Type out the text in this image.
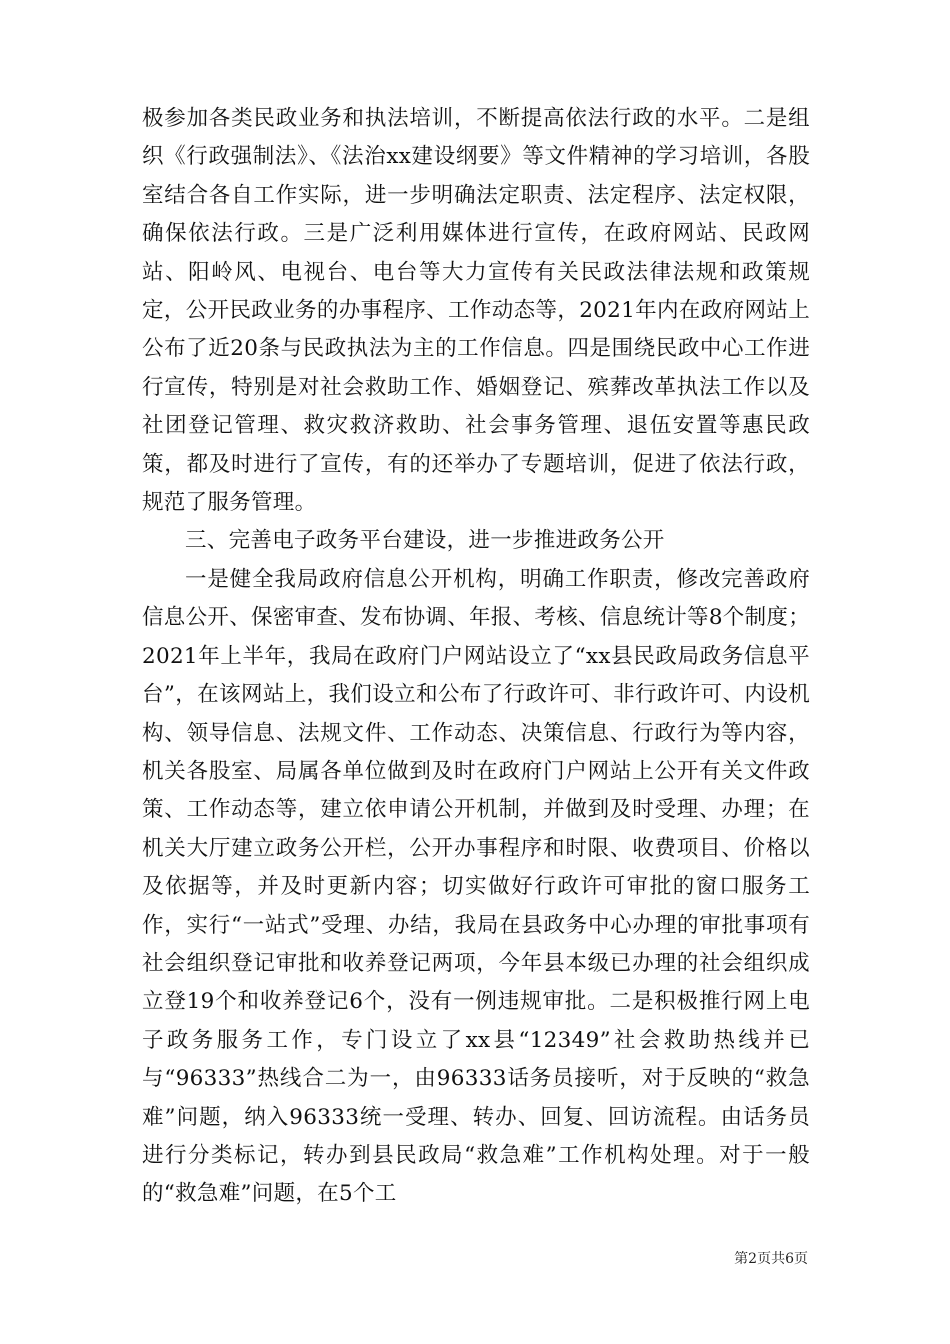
极参加各类民政业务和执法培训，不断提高依法行政的水平。二是组织《行政强制法》、《法治xx建设纲要》等文件精神的学习培训，各股室结合各自工作实际，进一步明确法定职责、法定程序、法定权限，确保依法行政。三是广泛利用媒体进行宣传，在政府网站、民政网站、阳岭风、电视台、电台等大力宣传有关民政法律法规和政策规定，公开民政业务的办事程序、工作动态等，2021年内在政府网站上公布了近20条与民政执法为主的工作信息。四是围绕民政中心工作进行宣传，特别是对社会救助工作、婚姻登记、殡葬改革执法工作以及社团登记管理、救灾救济救助、社会事务管理、退伍安置等惠民政策，都及时进行了宣传，有的还举办了专题培训，促进了依法行政，规范了服务管理。

三、完善电子政务平台建设，进一步推进政务公开

一是健全我局政府信息公开机构，明确工作职责，修改完善政府信息公开、保密审查、发布协调、年报、考核、信息统计等8个制度；2021年上半年，我局在政府门户网站设立了“xx县民政局政务信息平台”，在该网站上，我们设立和公布了行政许可、非行政许可、内设机构、领导信息、法规文件、工作动态、决策信息、行政行为等内容，机关各股室、局属各单位做到及时在政府门户网站上公开有关文件政策、工作动态等，建立依申请公开机制，并做到及时受理、办理；在机关大厅建立政务公开栏，公开办事程序和时限、收费项目、价格以及依据等，并及时更新内容；切实做好行政许可审批的窗口服务工作，实行“一站式”受理、办结，我局在县政务中心办理的审批事项有社会组织登记审批和收养登记两项，今年县本级已办理的社会组织成立登19个和收养登记6个，没有一例违规审批。二是积极推行网上电子政务服务工作，专门设立了xx县“12349”社会救助热线并已与“96333”热线合二为一，由96333话务员接听，对于反映的“救急难”问题，纳入96333统一受理、转办、回复、回访流程。由话务员进行分类标记，转办到县民政局“救急难”工作机构处理。对于一般的“救急难”问题，在5个工

第2页共6页
